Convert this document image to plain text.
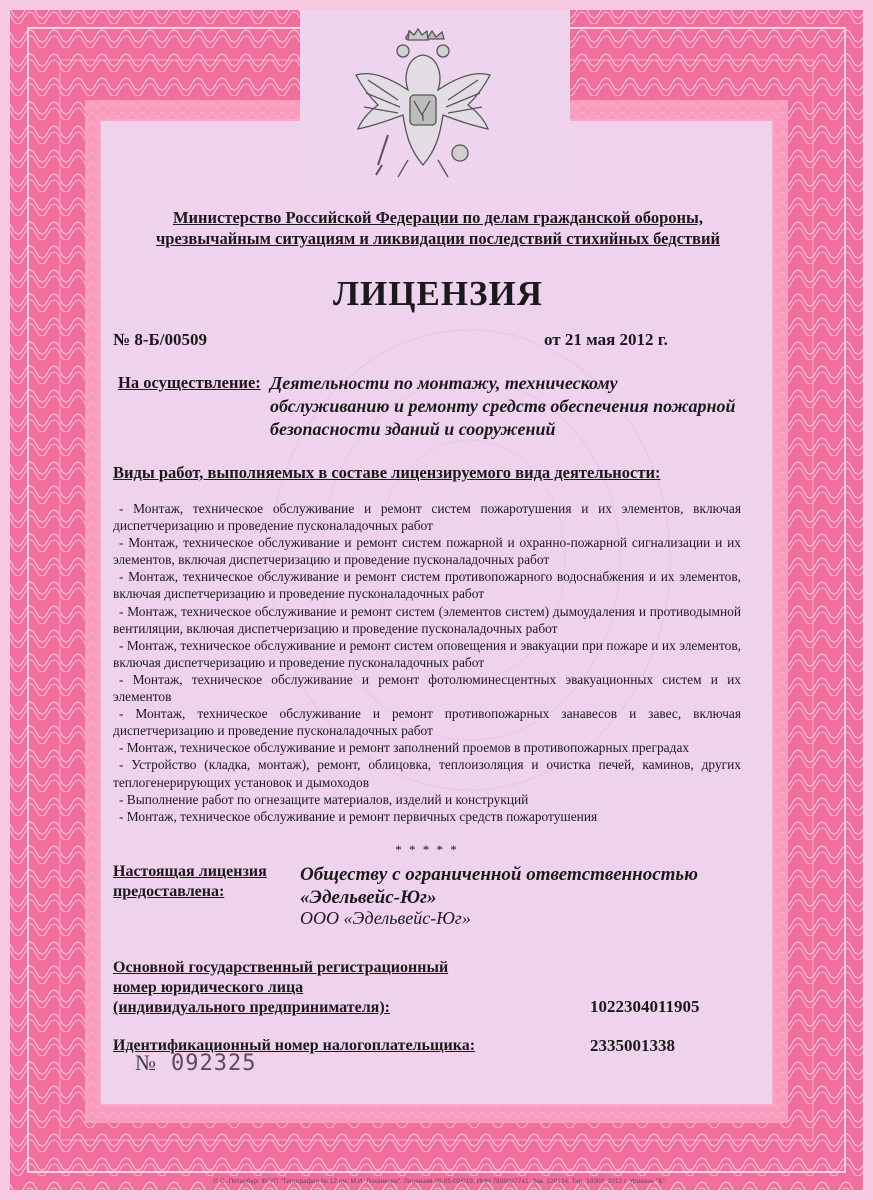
Министерство Российской Федерации по делам гражданской обороны,
чрезвычайным ситуациям и ликвидации последствий стихийных бедствий
ЛИЦЕНЗИЯ
№ 8-Б/00509	от 21 мая 2012 г.
На осуществление: Деятельности по монтажу, техническому обслуживанию и ремонту средств обеспечения пожарной безопасности зданий и сооружений
Виды работ, выполняемых в составе лицензируемого вида деятельности:
- Монтаж, техническое обслуживание и ремонт систем пожаротушения и их элементов, включая диспетчеризацию и проведение пусконаладочных работ
- Монтаж, техническое обслуживание и ремонт систем пожарной и охранно-пожарной сигнализации и их элементов, включая диспетчеризацию и проведение пусконаладочных работ
- Монтаж, техническое обслуживание и ремонт систем противопожарного водоснабжения и их элементов, включая диспетчеризацию и проведение пусконаладочных работ
- Монтаж, техническое обслуживание и ремонт систем (элементов систем) дымоудаления и противодымной вентиляции, включая диспетчеризацию и проведение пусконаладочных работ
- Монтаж, техническое обслуживание и ремонт систем оповещения и эвакуации при пожаре и их элементов, включая диспетчеризацию и проведение пусконаладочных работ
- Монтаж, техническое обслуживание и ремонт фотолюминесцентных эвакуационных систем и их элементов
- Монтаж, техническое обслуживание и ремонт противопожарных занавесов и завес, включая диспетчеризацию и проведение пусконаладочных работ
- Монтаж, техническое обслуживание и ремонт заполнений проемов в противопожарных преградах
- Устройство (кладка, монтаж), ремонт, облицовка, теплоизоляция и очистка печей, каминов, других теплогенерирующих установок и дымоходов
- Выполнение работ по огнезащите материалов, изделий и конструкций
- Монтаж, техническое обслуживание и ремонт первичных средств пожаротушения
* * * * *
Настоящая лицензия
предоставлена:
Обществу с ограниченной ответственностью «Эдельвейс-Юг»
ООО «Эдельвейс-Юг»
Основной государственный регистрационный
номер юридического лица
(индивидуального предпринимателя):	1022304011905
Идентификационный номер налогоплательщика:	2335001338
№ 092325
© С.-Петербург ФГУП "Типография № 12 им. М.И. Лоханкова". Лицензия 06-05-09/019, ИНН 7806037741. Зак. 120134. Тир. 10000. 2012 г. Уровень "Б".
